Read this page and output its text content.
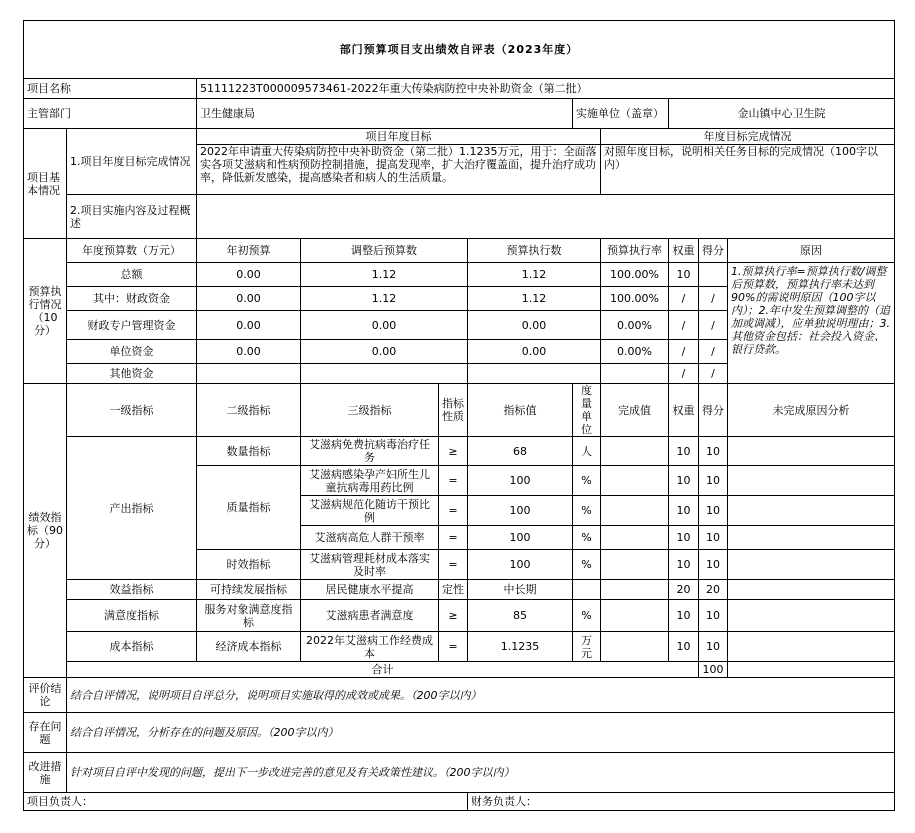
部门预算项目支出绩效自评表（2023年度）											
项目名称		51111223T000009573461-2022年重大传染病防控中央补助资金（第二批）									
主管部门		卫生健康局				实施单位（盖章）		金山镇中心卫生院			
项目基本情况	1.项目年度目标完成情况	项目年度目标					年度目标完成情况				
		2022年申请重大传染病防控中央补助资金（第二批）1.1235万元，用于：全面落实各项艾滋病和性病预防控制措施，提高发现率，扩大治疗覆盖面，提升治疗成功率，降低新发感染，提高感染者和病人的生活质量。					对照年度目标，说明相关任务目标的完成情况（100字以内）				
	2.项目实施内容及过程概述										
预算执行情况（10分）	年度预算数（万元）	年初预算	调整后预算数		预算执行数		预算执行率	权重	得分	原因	
	总额	0.00	1.12		1.12		100.00%	10		1.预算执行率=预算执行数/调整后预算数，预算执行率未达到90%的需说明原因（100字以内）；2.年中发生预算调整的（追加或调减），应单独说明理由；3.其他资金包括：社会投入资金、银行贷款。	
	其中：财政资金	0.00	1.12		1.12		100.00%	/	/		
	财政专户管理资金	0.00	0.00		0.00		0.00%	/	/		
	单位资金	0.00	0.00		0.00		0.00%	/	/		
	其他资金							/	/		
绩效指标（90分）	一级指标	二级指标	三级指标	指标性质	指标值	度量单位	完成值	权重	得分	未完成原因分析	
	产出指标	数量指标	艾滋病免费抗病毒治疗任务	≥	68	人		10	10		
		质量指标	艾滋病感染孕产妇所生儿童抗病毒用药比例	=	100	%		10	10		
			艾滋病规范化随访干预比例	=	100	%		10	10		
			艾滋病高危人群干预率	=	100	%		10	10		
		时效指标	艾滋病管理耗材成本落实及时率	=	100	%		10	10		
	效益指标	可持续发展指标	居民健康水平提高	定性	中长期			20	20		
	满意度指标	服务对象满意度指标	艾滋病患者满意度	≥	85	%		10	10		
	成本指标	经济成本指标	2022年艾滋病工作经费成本	=	1.1235	万元		10	10		
	合计								100		
评价结论	结合自评情况，说明项目自评总分，说明项目实施取得的成效或成果。（200字以内）										
存在问题	结合自评情况，分析存在的问题及原因。（200字以内）										
改进措施	针对项目自评中发现的问题，提出下一步改进完善的意见及有关政策性建议。（200字以内）										
项目负责人：					财务负责人：						
